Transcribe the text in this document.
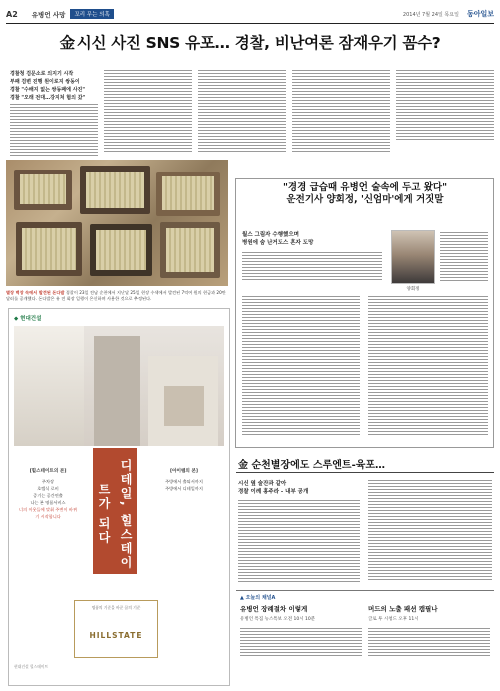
A2 유병언 사망	꼬리 무는 의혹	2014년 7월 24일 목요일 동아일보
金 시신 사진 SNS 유포… 경찰, 비난여론 잠재우기 꼼수?
경찰청 검문소로 의지기 시작
부패 검변 진행 원이로지 쌍동이
경찰 "수배지 없는 쌍동패에 사진"
경찰 "오래 전대…강지처 혐의 갔"
별장 벽장 속에서 발견된 돈다발 경찰이 23일 전남 순천에서 지난달 25일 현장 수색에서 발견된 7억여 원의 현금과 20만 달러를 공개했다. 돈다발은 유 전 회장 일행이 은신하며 사용한 것으로 추정된다.
"경경 급습때 유병언 술속에 두고 왔다"
운전기사 양회정, '신엄마'에게 거짓말
월스 그림자 수행했으며
병원에 숨 난거도스 혼자 도망
양회정
◆ 현대건설
디테일, 힐스테이트가 되다
[힐스테이트의 본]
주차장
호텔식 로비
증기는 공간연출
나는 본 명품서비스
너의 이웃들에 맞춰 주변이 바뀌기 시작합니다
[아이템의 본]
주방에서 출퇴서까지
주방에서 디테일까지
명품의 기준을 바꾼 꿈의 기준
HILLSTATE
현대건설 힐스테이트
金 순천별장에도 스루엔트-육포…
시신 옆 술잔과 같아
경찰 이례 홍주라 - 내부 공개
▲ 오늘의 채널A
유병언 장례절차 이렇게
유병언 특집 뉴스특보 오전 10시 10분
머드의 노출 패션 캠필나
글로 투 시청드 오후 11시
